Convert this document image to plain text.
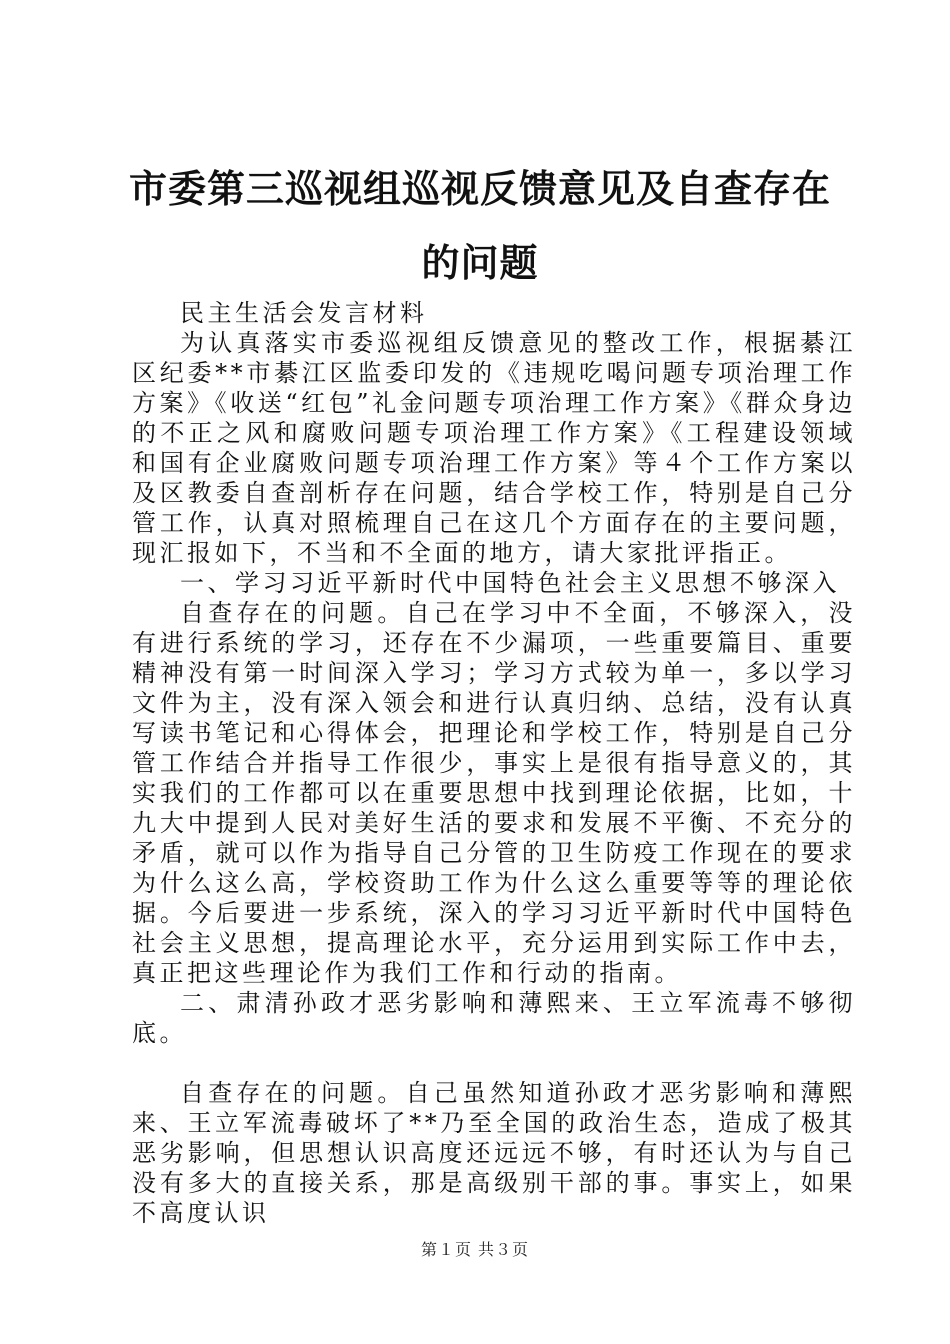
市委第三巡视组巡视反馈意见及自查存在的问题

民主生活会发言材料

为认真落实市委巡视组反馈意见的整改工作，根据綦江区纪委**市綦江区监委印发的《违规吃喝问题专项治理工作方案》《收送“红包”礼金问题专项治理工作方案》《群众身边的不正之风和腐败问题专项治理工作方案》《工程建设领域和国有企业腐败问题专项治理工作方案》等４个工作方案以及区教委自查剖析存在问题，结合学校工作，特别是自己分管工作，认真对照梳理自己在这几个方面存在的主要问题，现汇报如下，不当和不全面的地方，请大家批评指正。

一、学习习近平新时代中国特色社会主义思想不够深入

自查存在的问题。自己在学习中不全面，不够深入，没有进行系统的学习，还存在不少漏项，一些重要篇目、重要精神没有第一时间深入学习；学习方式较为单一，多以学习文件为主，没有深入领会和进行认真归纳、总结，没有认真写读书笔记和心得体会，把理论和学校工作，特别是自己分管工作结合并指导工作很少，事实上是很有指导意义的，其实我们的工作都可以在重要思想中找到理论依据，比如，十九大中提到人民对美好生活的要求和发展不平衡、不充分的矛盾，就可以作为指导自己分管的卫生防疫工作现在的要求为什么这么高，学校资助工作为什么这么重要等等的理论依据。今后要进一步系统，深入的学习习近平新时代中国特色社会主义思想，提高理论水平，充分运用到实际工作中去，真正把这些理论作为我们工作和行动的指南。

二、肃清孙政才恶劣影响和薄熙来、王立军流毒不够彻底。

自查存在的问题。自己虽然知道孙政才恶劣影响和薄熙来、王立军流毒破坏了**乃至全国的政治生态，造成了极其恶劣影响，但思想认识高度还远远不够，有时还认为与自己没有多大的直接关系，那是高级别干部的事。事实上，如果不高度认识

第１页 共３页
